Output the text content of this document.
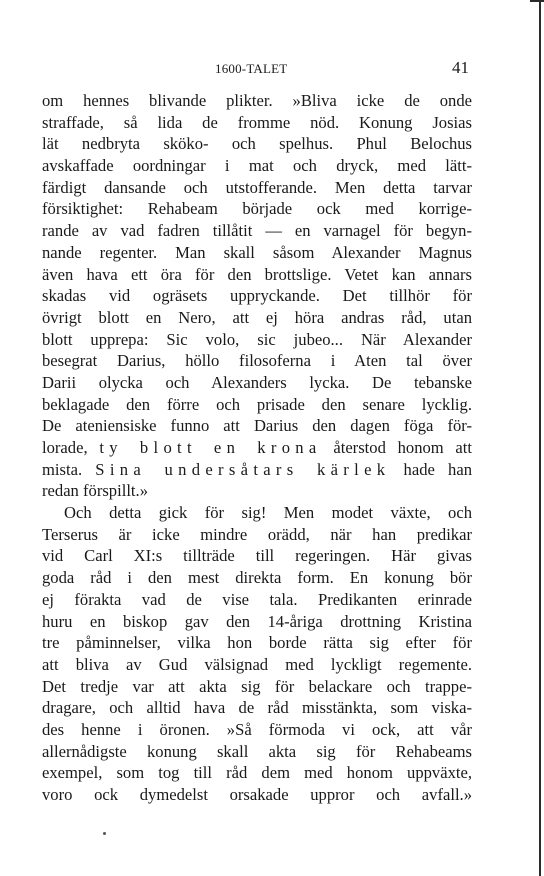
1600-TALET	41
om hennes blivande plikter. »Bliva icke de onde
straffade, så lida de fromme nöd. Konung Josias
lät nedbryta sköko- och spelhus. Phul Belochus
avskaffade oordningar i mat och dryck, med lätt-
färdigt dansande och utstofferande. Men detta tarvar
försiktighet: Rehabeam började ock med korrige-
rande av vad fadren tillåtit — en varnagel för begyn-
nande regenter. Man skall såsom Alexander Magnus
även hava ett öra för den brottslige. Vetet kan annars
skadas vid ogräsets uppryckande. Det tillhör för
övrigt blott en Nero, att ej höra andras råd, utan
blott upprepa: Sic volo, sic jubeo... När Alexander
besegrat Darius, höllo filosoferna i Aten tal över
Darii olycka och Alexanders lycka. De tebanske
beklagade den förre och prisade den senare lycklig.
De ateniensiske funno att Darius den dagen föga för-
lorade, ty blott en krona återstod honom att
mista. Sina undersåtars kärlek hade han
redan förspillt.»
Och detta gick för sig! Men modet växte, och
Terserus är icke mindre orädd, när han predikar
vid Carl XI:s tillträde till regeringen. Här givas
goda råd i den mest direkta form. En konung bör
ej förakta vad de vise tala. Predikanten erinrade
huru en biskop gav den 14-åriga drottning Kristina
tre påminnelser, vilka hon borde rätta sig efter för
att bliva av Gud välsignad med lyckligt regemente.
Det tredje var att akta sig för belackare och trappe-
dragare, och alltid hava de råd misstänkta, som viska-
des henne i öronen. »Så förmoda vi ock, att vår
allernådigste konung skall akta sig för Rehabeams
exempel, som tog till råd dem med honom uppväxte,
voro ock dymedelst orsakade uppror och avfall.»
